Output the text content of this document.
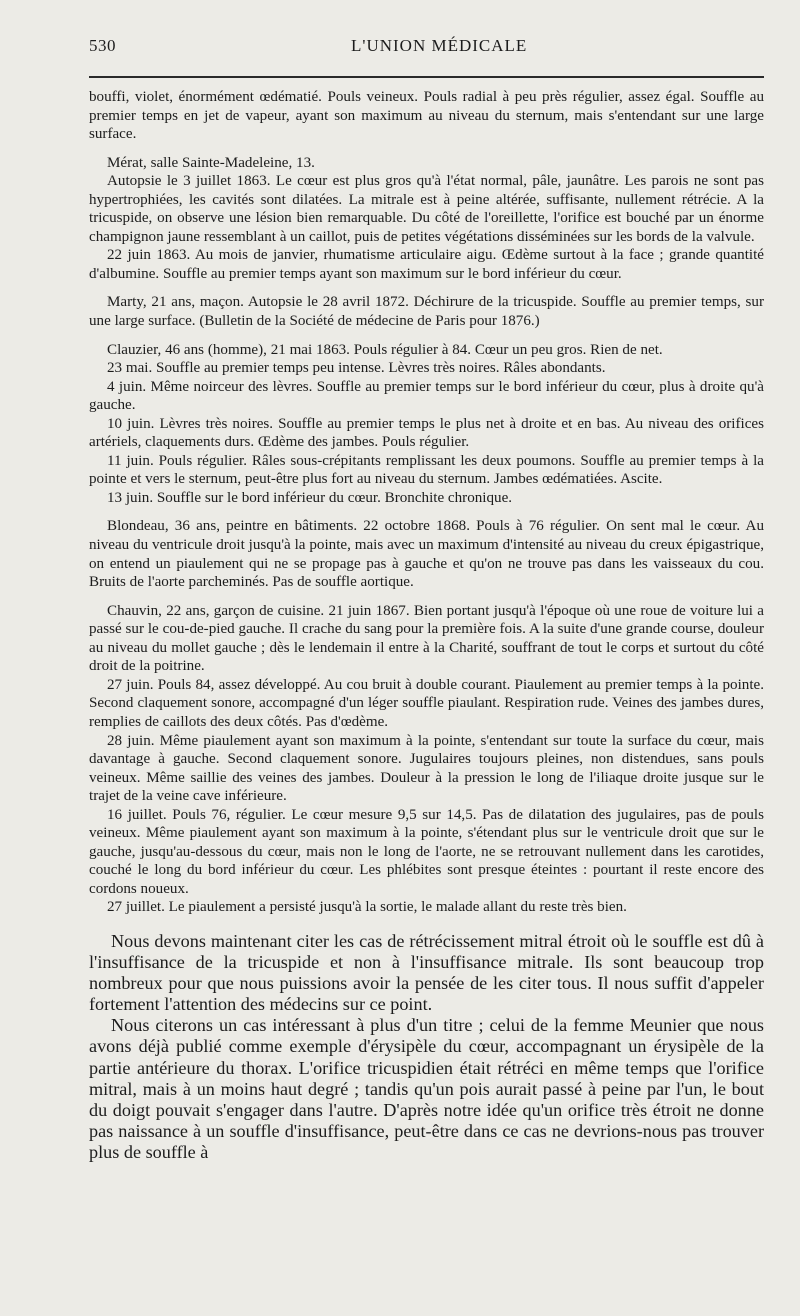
530	L'UNION MÉDICALE

bouffi, violet, énormément œdématié. Pouls veineux. Pouls radial à peu près régulier, assez égal. Souffle au premier temps en jet de vapeur, ayant son maximum au niveau du sternum, mais s'entendant sur une large surface.

Mérat, salle Sainte-Madeleine, 13.

Autopsie le 3 juillet 1863. Le cœur est plus gros qu'à l'état normal, pâle, jaunâtre. Les parois ne sont pas hypertrophiées, les cavités sont dilatées. La mitrale est à peine altérée, suffisante, nullement rétrécie. A la tricuspide, on observe une lésion bien remarquable. Du côté de l'oreillette, l'orifice est bouché par un énorme champignon jaune ressemblant à un caillot, puis de petites végétations disséminées sur les bords de la valvule.

22 juin 1863. Au mois de janvier, rhumatisme articulaire aigu. Œdème surtout à la face ; grande quantité d'albumine. Souffle au premier temps ayant son maximum sur le bord inférieur du cœur.

Marty, 21 ans, maçon. Autopsie le 28 avril 1872. Déchirure de la tricuspide. Souffle au premier temps, sur une large surface. (Bulletin de la Société de médecine de Paris pour 1876.)

Clauzier, 46 ans (homme), 21 mai 1863. Pouls régulier à 84. Cœur un peu gros. Rien de net.

23 mai. Souffle au premier temps peu intense. Lèvres très noires. Râles abondants.

4 juin. Même noirceur des lèvres. Souffle au premier temps sur le bord inférieur du cœur, plus à droite qu'à gauche.

10 juin. Lèvres très noires. Souffle au premier temps le plus net à droite et en bas. Au niveau des orifices artériels, claquements durs. Œdème des jambes. Pouls régulier.

11 juin. Pouls régulier. Râles sous-crépitants remplissant les deux poumons. Souffle au premier temps à la pointe et vers le sternum, peut-être plus fort au niveau du sternum. Jambes œdématiées. Ascite.

13 juin. Souffle sur le bord inférieur du cœur. Bronchite chronique.

Blondeau, 36 ans, peintre en bâtiments. 22 octobre 1868. Pouls à 76 régulier. On sent mal le cœur. Au niveau du ventricule droit jusqu'à la pointe, mais avec un maximum d'intensité au niveau du creux épigastrique, on entend un piaulement qui ne se propage pas à gauche et qu'on ne trouve pas dans les vaisseaux du cou. Bruits de l'aorte parcheminés. Pas de souffle aortique.

Chauvin, 22 ans, garçon de cuisine. 21 juin 1867. Bien portant jusqu'à l'époque où une roue de voiture lui a passé sur le cou-de-pied gauche. Il crache du sang pour la première fois. A la suite d'une grande course, douleur au niveau du mollet gauche ; dès le lendemain il entre à la Charité, souffrant de tout le corps et surtout du côté droit de la poitrine.

27 juin. Pouls 84, assez développé. Au cou bruit à double courant. Piaulement au premier temps à la pointe. Second claquement sonore, accompagné d'un léger souffle piaulant. Respiration rude. Veines des jambes dures, remplies de caillots des deux côtés. Pas d'œdème.

28 juin. Même piaulement ayant son maximum à la pointe, s'entendant sur toute la surface du cœur, mais davantage à gauche. Second claquement sonore. Jugulaires toujours pleines, non distendues, sans pouls veineux. Même saillie des veines des jambes. Douleur à la pression le long de l'iliaque droite jusque sur le trajet de la veine cave inférieure.

16 juillet. Pouls 76, régulier. Le cœur mesure 9,5 sur 14,5. Pas de dilatation des jugulaires, pas de pouls veineux. Même piaulement ayant son maximum à la pointe, s'étendant plus sur le ventricule droit que sur le gauche, jusqu'au-dessous du cœur, mais non le long de l'aorte, ne se retrouvant nullement dans les carotides, couché le long du bord inférieur du cœur. Les phlébites sont presque éteintes : pourtant il reste encore des cordons noueux.

27 juillet. Le piaulement a persisté jusqu'à la sortie, le malade allant du reste très bien.

Nous devons maintenant citer les cas de rétrécissement mitral étroit où le souffle est dû à l'insuffisance de la tricuspide et non à l'insuffisance mitrale. Ils sont beaucoup trop nombreux pour que nous puissions avoir la pensée de les citer tous. Il nous suffit d'appeler fortement l'attention des médecins sur ce point.

Nous citerons un cas intéressant à plus d'un titre ; celui de la femme Meunier que nous avons déjà publié comme exemple d'érysipèle du cœur, accompagnant un érysipèle de la partie antérieure du thorax. L'orifice tricuspidien était rétréci en même temps que l'orifice mitral, mais à un moins haut degré ; tandis qu'un pois aurait passé à peine par l'un, le bout du doigt pouvait s'engager dans l'autre. D'après notre idée qu'un orifice très étroit ne donne pas naissance à un souffle d'insuffisance, peut-être dans ce cas ne devrions-nous pas trouver plus de souffle à
